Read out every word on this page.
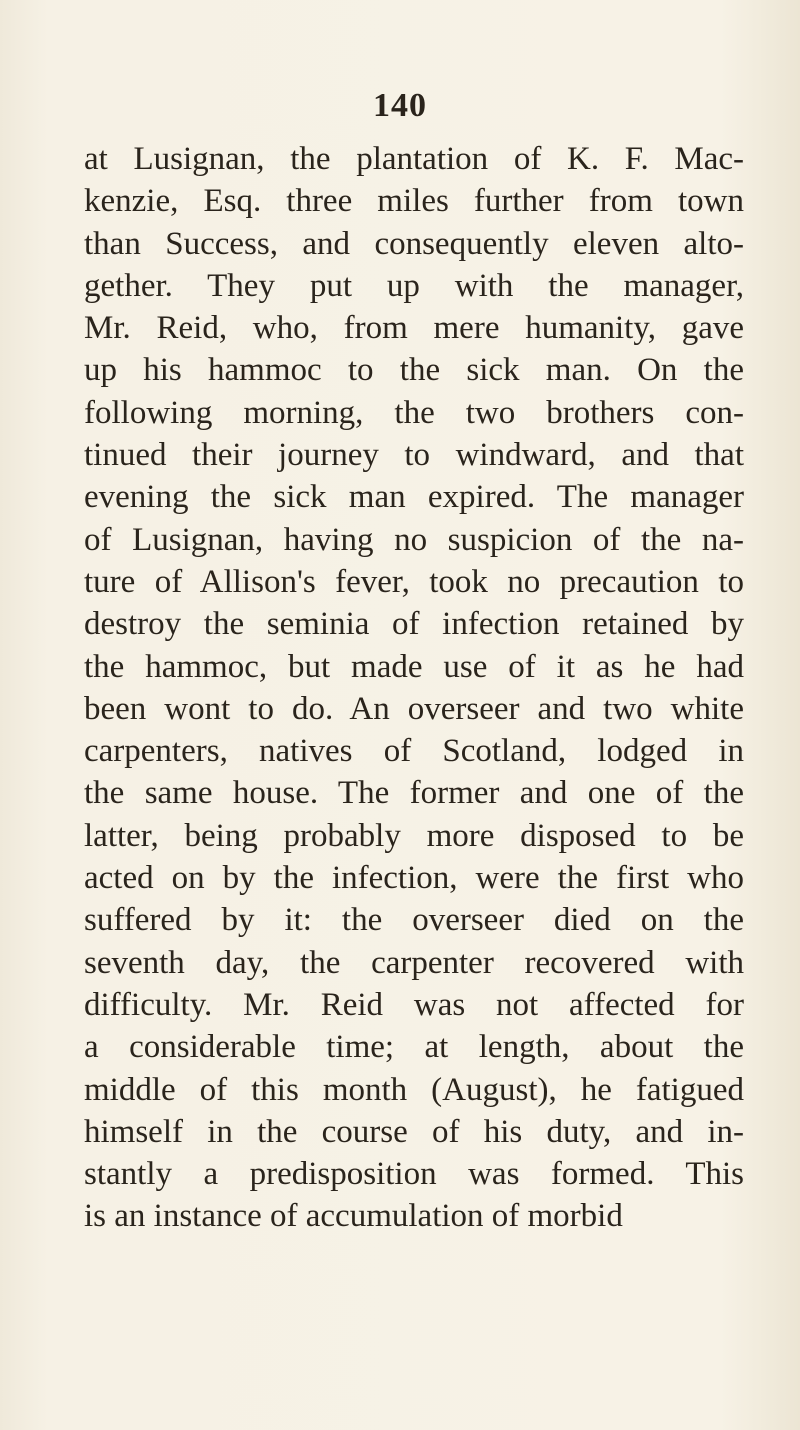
140
at Lusignan, the plantation of K. F. Mac-
kenzie, Esq. three miles further from town
than Success, and consequently eleven alto-
gether. They put up with the manager,
Mr. Reid, who, from mere humanity, gave
up his hammoc to the sick man. On the
following morning, the two brothers con-
tinued their journey to windward, and that
evening the sick man expired. The manager
of Lusignan, having no suspicion of the na-
ture of Allison's fever, took no precaution to
destroy the seminia of infection retained by
the hammoc, but made use of it as he had
been wont to do. An overseer and two white
carpenters, natives of Scotland, lodged in
the same house. The former and one of the
latter, being probably more disposed to be
acted on by the infection, were the first who
suffered by it: the overseer died on the
seventh day, the carpenter recovered with
difficulty. Mr. Reid was not affected for
a considerable time; at length, about the
middle of this month (August), he fatigued
himself in the course of his duty, and in-
stantly a predisposition was formed. This
is an instance of accumulation of morbid
